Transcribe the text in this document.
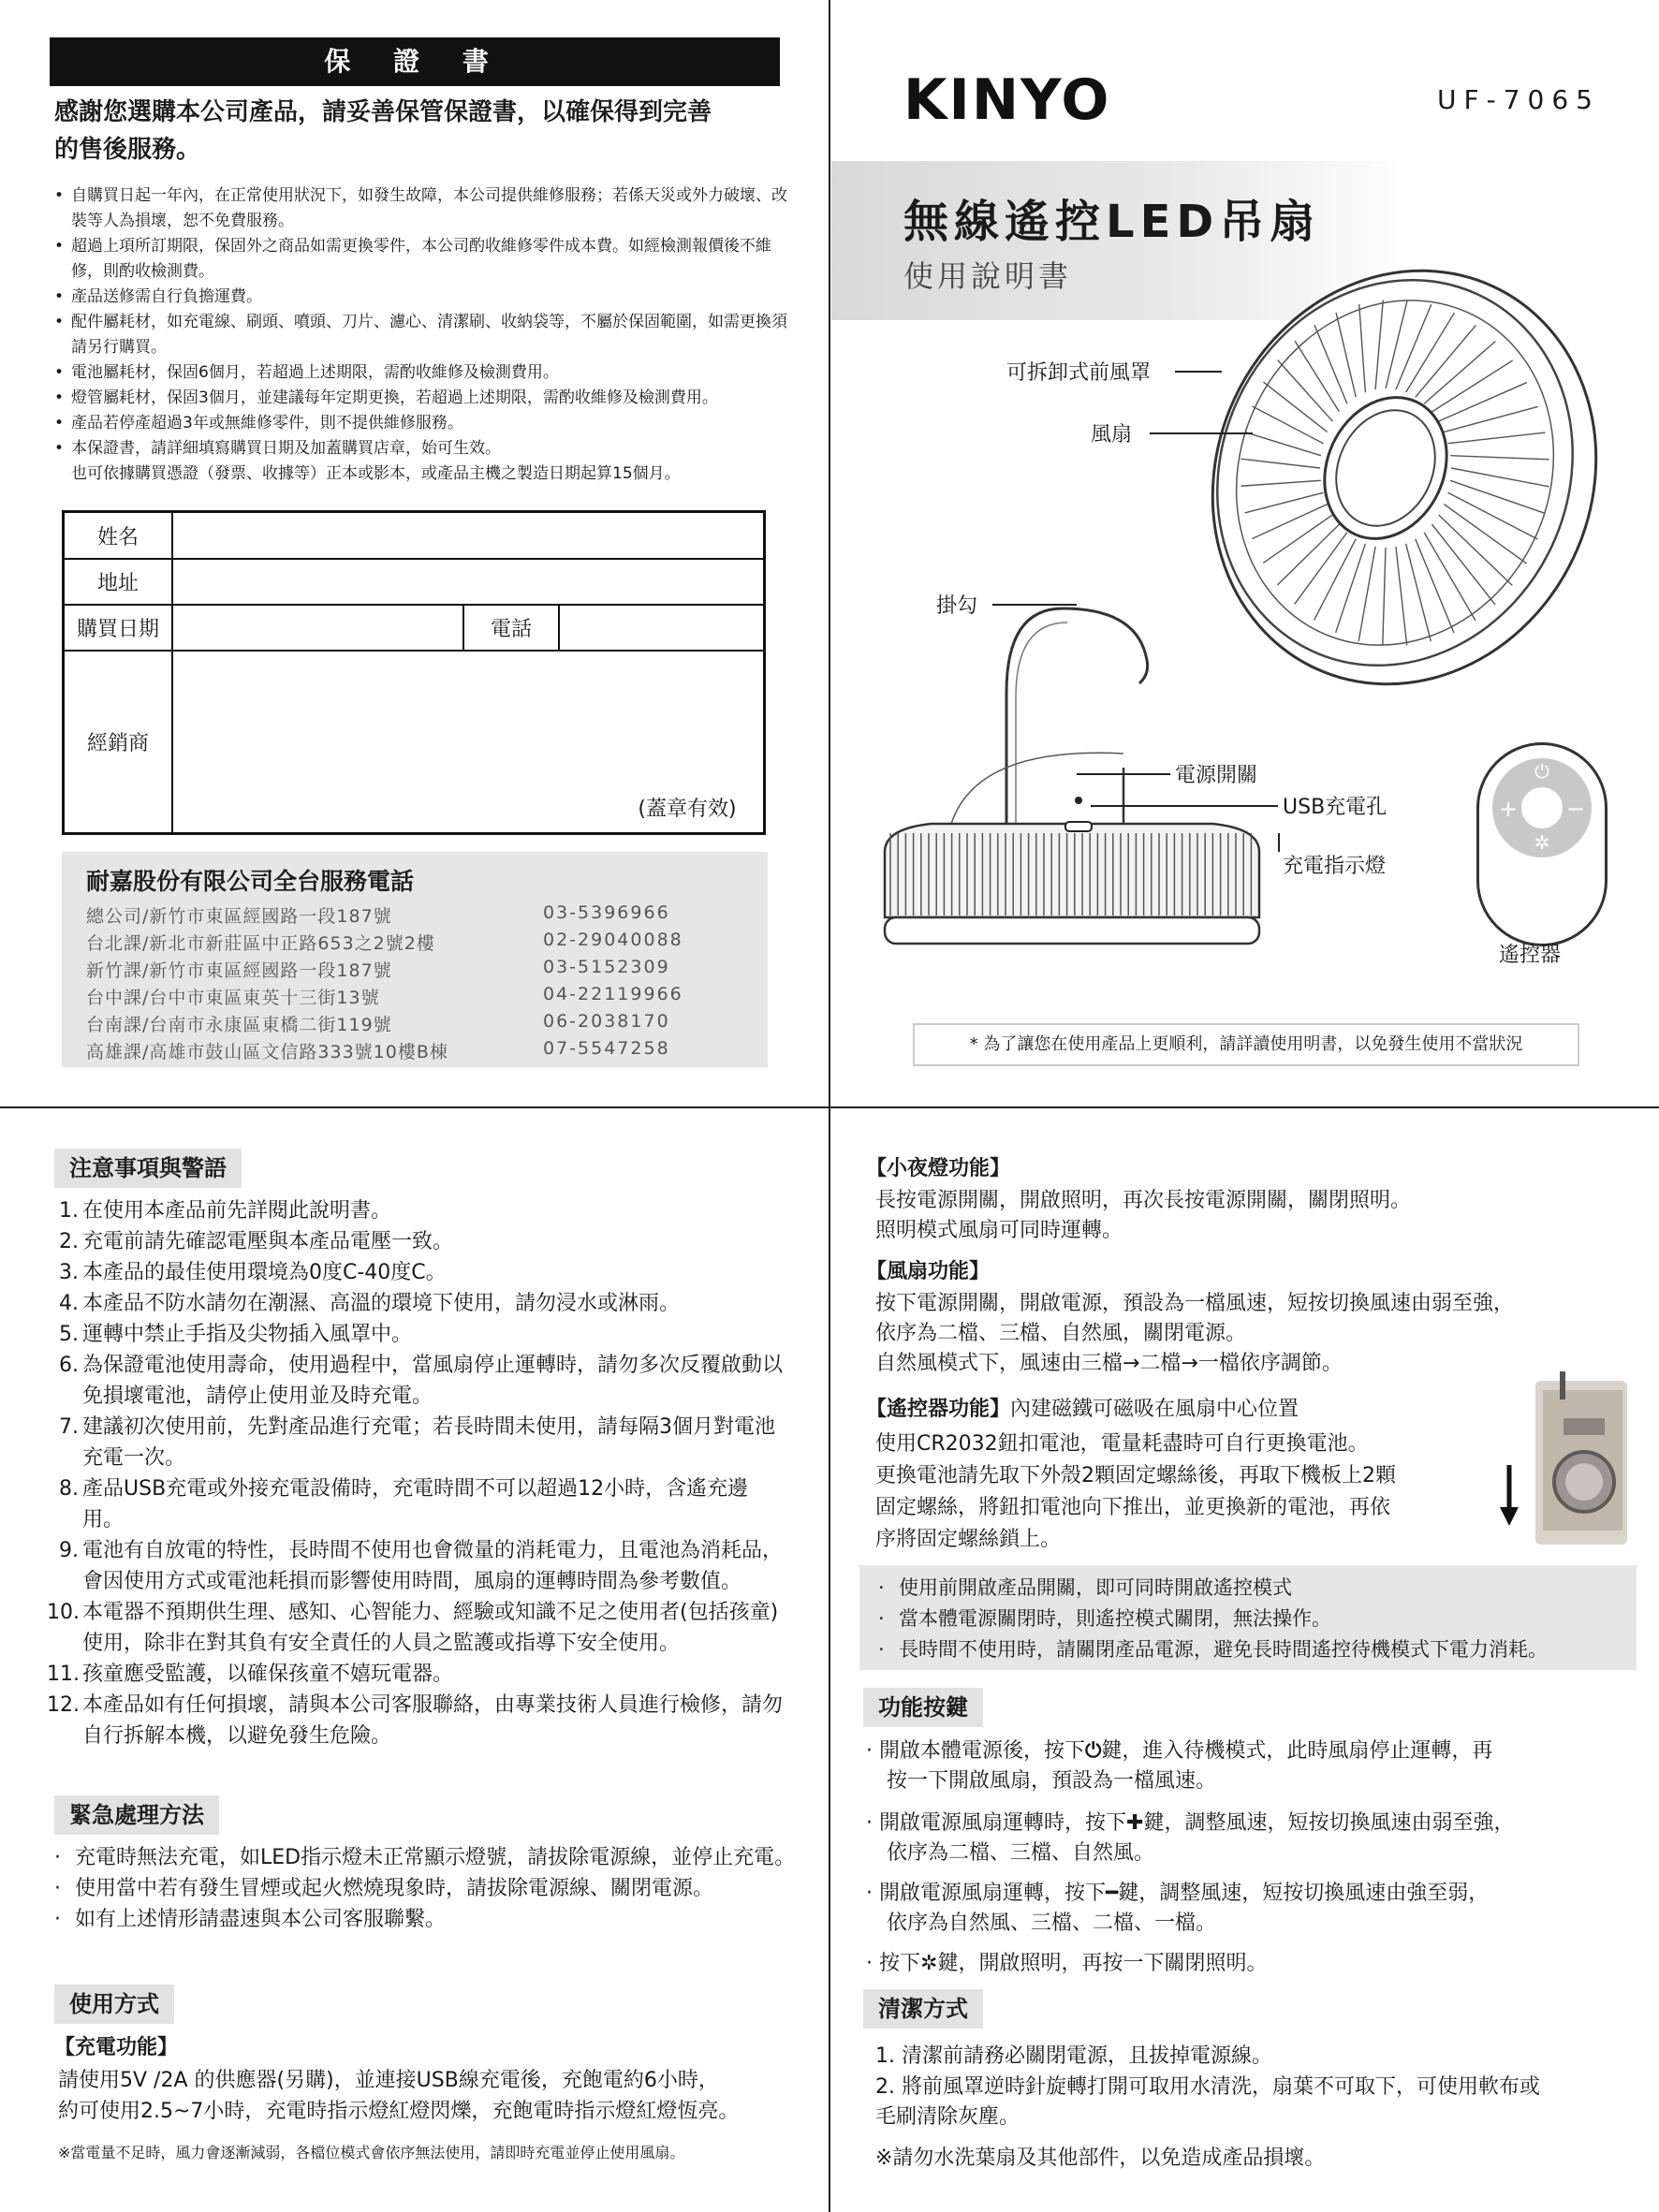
保 證 書
感謝您選購本公司產品，請妥善保管保證書，以確保得到完善
的售後服務。
• 自購買日起一年內，在正常使用狀況下，如發生故障，本公司提供維修服務；若係天災或外力破壞、改裝等人為損壞，恕不免費服務。
• 超過上項所訂期限，保固外之商品如需更換零件，本公司酌收維修零件成本費。如經檢測報價後不維修，則酌收檢測費。
• 產品送修需自行負擔運費。
• 配件屬耗材，如充電線、刷頭、噴頭、刀片、濾心、清潔刷、收納袋等，不屬於保固範圍，如需更換須請另行購買。
• 電池屬耗材，保固6個月，若超過上述期限，需酌收維修及檢測費用。
• 燈管屬耗材，保固3個月，並建議每年定期更換，若超過上述期限，需酌收維修及檢測費用。
• 產品若停產超過3年或無維修零件，則不提供維修服務。
• 本保證書，請詳細填寫購買日期及加蓋購買店章，始可生效。
也可依據購買憑證（發票、收據等）正本或影本，或產品主機之製造日期起算15個月。
姓名
地址
購買日期	電話
經銷商
(蓋章有效)
耐嘉股份有限公司全台服務電話
總公司/新竹市東區經國路一段187號	03-5396966
台北課/新北市新莊區中正路653之2號2樓	02-29040088
新竹課/新竹市東區經國路一段187號	03-5152309
台中課/台中市東區東英十三街13號	04-22119966
台南課/台南市永康區東橋二街119號	06-2038170
高雄課/高雄市鼓山區文信路333號10樓B棟	07-5547258
KINYO	UF-7065
無線遙控LED吊扇
使用說明書
可拆卸式前風罩
風扇
掛勾
電源開關
USB充電孔
充電指示燈
⏻
+ −
✲
遙控器
* 為了讓您在使用產品上更順利，請詳讀使用明書，以免發生使用不當狀況
注意事項與警語
1. 在使用本產品前先詳閱此說明書。
2. 充電前請先確認電壓與本產品電壓一致。
3. 本產品的最佳使用環境為0度C-40度C。
4. 本產品不防水請勿在潮濕、高溫的環境下使用，請勿浸水或淋雨。
5. 運轉中禁止手指及尖物插入風罩中。
6. 為保證電池使用壽命，使用過程中，當風扇停止運轉時，請勿多次反覆啟動以免損壞電池，請停止使用並及時充電。
7. 建議初次使用前，先對產品進行充電；若長時間未使用，請每隔3個月對電池充電一次。
8. 產品USB充電或外接充電設備時，充電時間不可以超過12小時，含遙充邊用。
9. 電池有自放電的特性，長時間不使用也會微量的消耗電力，且電池為消耗品，會因使用方式或電池耗損而影響使用時間，風扇的運轉時間為參考數值。
10. 本電器不預期供生理、感知、心智能力、經驗或知識不足之使用者(包括孩童)使用，除非在對其負有安全責任的人員之監護或指導下安全使用。
11. 孩童應受監護，以確保孩童不嬉玩電器。
12. 本產品如有任何損壞，請與本公司客服聯絡，由專業技術人員進行檢修，請勿自行拆解本機，以避免發生危險。
緊急處理方法
· 充電時無法充電，如LED指示燈未正常顯示燈號，請拔除電源線，並停止充電。
· 使用當中若有發生冒煙或起火燃燒現象時，請拔除電源線、關閉電源。
· 如有上述情形請盡速與本公司客服聯繫。
使用方式
【充電功能】
請使用5V /2A 的供應器(另購)，並連接USB線充電後，充飽電約6小時，
約可使用2.5~7小時，充電時指示燈紅燈閃爍，充飽電時指示燈紅燈恆亮。
※當電量不足時，風力會逐漸減弱，各檔位模式會依序無法使用，請即時充電並停止使用風扇。
【小夜燈功能】
長按電源開關，開啟照明，再次長按電源開關，關閉照明。
照明模式風扇可同時運轉。
【風扇功能】
按下電源開關，開啟電源，預設為一檔風速，短按切換風速由弱至強，
依序為二檔、三檔、自然風，關閉電源。
自然風模式下，風速由三檔→二檔→一檔依序調節。
【遙控器功能】內建磁鐵可磁吸在風扇中心位置
使用CR2032鈕扣電池，電量耗盡時可自行更換電池。
更換電池請先取下外殼2顆固定螺絲後，再取下機板上2顆
固定螺絲，將鈕扣電池向下推出，並更換新的電池，再依
序將固定螺絲鎖上。
· 使用前開啟產品開關，即可同時開啟遙控模式
· 當本體電源關閉時，則遙控模式關閉，無法操作。
· 長時間不使用時，請關閉產品電源，避免長時間遙控待機模式下電力消耗。
功能按鍵
· 開啟本體電源後，按下⏻鍵，進入待機模式，此時風扇停止運轉，再
按一下開啟風扇，預設為一檔風速。
· 開啟電源風扇運轉時，按下✚鍵，調整風速，短按切換風速由弱至強，
依序為二檔、三檔、自然風。
· 開啟電源風扇運轉，按下━鍵，調整風速，短按切換風速由強至弱，
依序為自然風、三檔、二檔、一檔。
· 按下✲鍵，開啟照明，再按一下關閉照明。
清潔方式
1. 清潔前請務必關閉電源，且拔掉電源線。
2. 將前風罩逆時針旋轉打開可取用水清洗，扇葉不可取下，可使用軟布或
毛刷清除灰塵。
※請勿水洗葉扇及其他部件，以免造成產品損壞。
